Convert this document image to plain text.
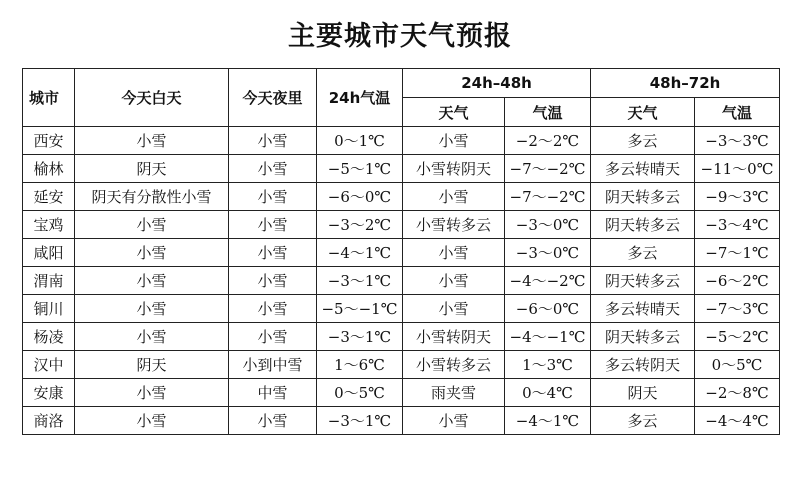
主要城市天气预报
城市	今天白天	今天夜里	24h气温	24h–48h		48h–72h	
				天气	气温	天气	气温
西安	小雪	小雪	0～1℃	小雪	−2～2℃	多云	−3～3℃
榆林	阴天	小雪	−5～1℃	小雪转阴天	−7～−2℃	多云转晴天	−11～0℃
延安	阴天有分散性小雪	小雪	−6～0℃	小雪	−7～−2℃	阴天转多云	−9～3℃
宝鸡	小雪	小雪	−3～2℃	小雪转多云	−3～0℃	阴天转多云	−3～4℃
咸阳	小雪	小雪	−4～1℃	小雪	−3～0℃	多云	−7～1℃
渭南	小雪	小雪	−3～1℃	小雪	−4～−2℃	阴天转多云	−6～2℃
铜川	小雪	小雪	−5～−1℃	小雪	−6～0℃	多云转晴天	−7～3℃
杨凌	小雪	小雪	−3～1℃	小雪转阴天	−4～−1℃	阴天转多云	−5～2℃
汉中	阴天	小到中雪	1～6℃	小雪转多云	1～3℃	多云转阴天	0～5℃
安康	小雪	中雪	0～5℃	雨夹雪	0～4℃	阴天	−2～8℃
商洛	小雪	小雪	−3～1℃	小雪	−4～1℃	多云	−4～4℃
